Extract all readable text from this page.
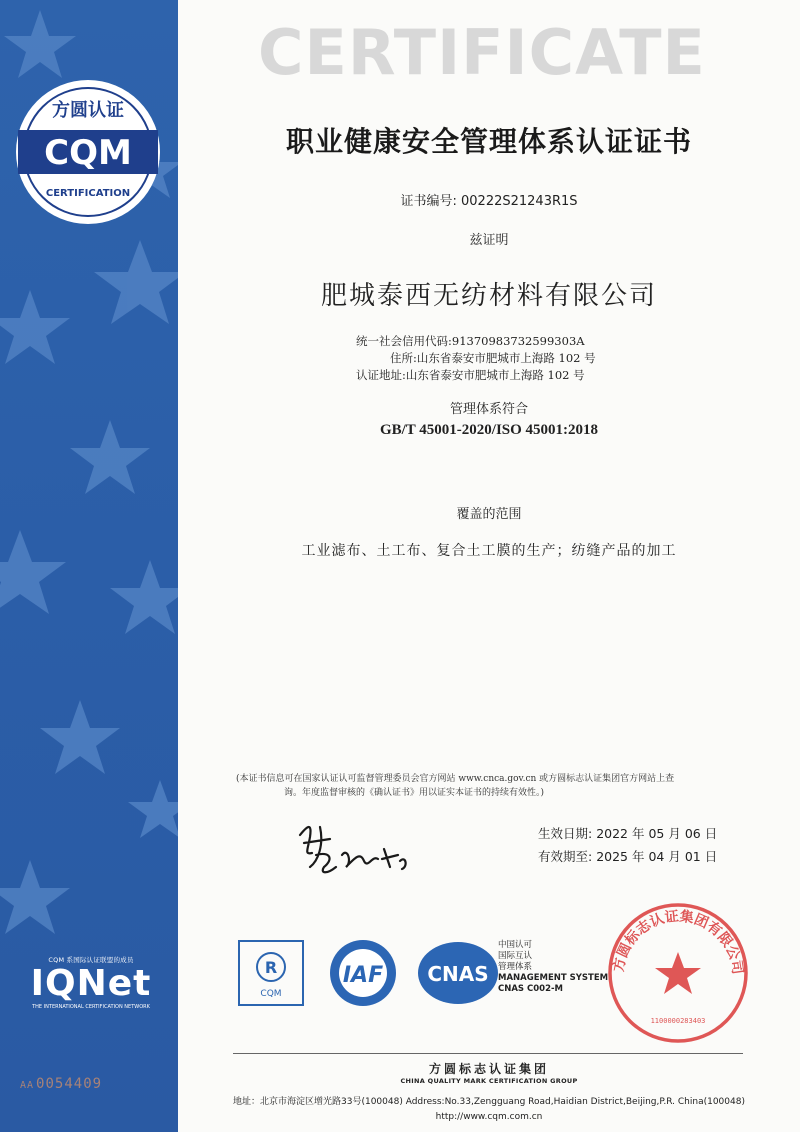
CQM
方圆认证
CERTIFICATION
CQM 系国际认证联盟的成员
IQNet
THE INTERNATIONAL CERTIFICATION NETWORK
AA 0054409
CERTIFICATE
职业健康安全管理体系认证证书
证书编号: 00222S21243R1S
兹证明
肥城泰西无纺材料有限公司
统一社会信用代码:91370983732599303A
住所:山东省泰安市肥城市上海路 102 号
认证地址:山东省泰安市肥城市上海路 102 号
管理体系符合
GB/T 45001-2020/ISO 45001:2018
覆盖的范围
工业滤布、土工布、复合土工膜的生产；纺缝产品的加工
(本证书信息可在国家认证认可监督管理委员会官方网站 www.cnca.gov.cn 或方圆标志认证集团官方网站上查
询。年度监督审核的《确认证书》用以证实本证书的持续有效性。)
生效日期: 2022 年 05 月 06 日
有效期至: 2025 年 04 月 01 日
R
CQM
IAF CNAS
中国认可
国际互认
管理体系
MANAGEMENT SYSTEM
CNAS C002-M
方圆标志认证集团有限公司
1100000283403
方圆标志认证集团
CHINA QUALITY MARK CERTIFICATION GROUP
地址：北京市海淀区增光路33号(100048) Address:No.33,Zengguang Road,Haidian District,Beijing,P.R. China(100048)
http://www.cqm.com.cn
